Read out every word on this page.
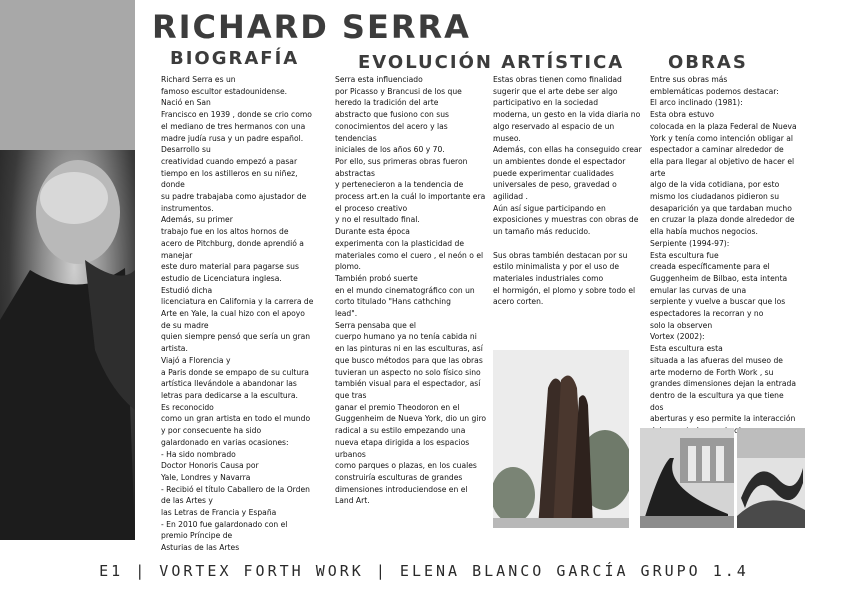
RICHARD SERRA
BIOGRAFÍA	EVOLUCIÓN ARTÍSTICA OBRAS
Richard Serra es un
famoso escultor estadounidense.
Nació en San
Francisco en 1939 , donde se crio como
el mediano de tres hermanos con una
madre judía rusa y un padre español.
Desarrollo su
creatividad cuando empezó a pasar
tiempo en los astilleros en su niñez,
donde
su padre trabajaba como ajustador de
instrumentos.
Además, su primer
trabajo fue en los altos hornos de
acero de Pitchburg, donde aprendió a
manejar
este duro material para pagarse sus
estudio de Licenciatura inglesa.
Estudió dicha
licenciatura en California y la carrera de
Arte en Yale, la cual hizo con el apoyo
de su madre
quien siempre pensó que sería un gran
artista.
Viajó a Florencia y
a Paris donde se empapo de su cultura
artística llevándole a abandonar las
letras para dedicarse a la escultura.
Es reconocido
como un gran artista en todo el mundo
y por consecuente ha sido
galardonado en varias ocasiones:
- Ha sido nombrado
Doctor Honoris Causa por
Yale, Londres y Navarra
- Recibió el título Caballero de la Orden
de las Artes y
las Letras de Francia y España
- En 2010 fue galardonado con el
premio Príncipe de
Asturias de las Artes
Serra esta influenciado
por Picasso y Brancusi de los que
heredo la tradición del arte
abstracto que fusiono con sus
conocimientos del acero y las
tendencias
iniciales de los años 60 y 70.
Por ello, sus primeras obras fueron
abstractas
y pertenecieron a la tendencia de
process art.en la cuál lo importante era
el proceso creativo
y no el resultado final.
Durante esta época
experimenta con la plasticidad de
materiales como el cuero , el neón o el
plomo.
También probó suerte
en el mundo cinematográfico con un
corto titulado "Hans cathching
lead".
Serra pensaba que el
cuerpo humano ya no tenía cabida ni
en las pinturas ni en las esculturas, así
que busco métodos para que las obras
tuvieran un aspecto no solo físico sino
también visual para el espectador, así
que tras
ganar el premio Theodoron en el
Guggenheim de Nueva York, dio un giro
radical a su estilo empezando una
nueva etapa dirigida a los espacios
urbanos
como parques o plazas, en los cuales
construiría esculturas de grandes
dimensiones introduciendose en el
Land Art.
Estas obras tienen como finalidad
sugerir que el arte debe ser algo
participativo en la sociedad
moderna, un gesto en la vida diaria no
algo reservado al espacio de un
museo.
Además, con ellas ha conseguido crear
un ambientes donde el espectador
puede experimentar cualidades
universales de peso, gravedad o
agilidad .
Aún así sigue participando en
exposiciones y muestras con obras de
un tamaño más reducido.

Sus obras también destacan por su
estilo minimalista y por el uso de
materiales industriales como
el hormigón, el plomo y sobre todo el
acero corten.
Entre sus obras más
emblemáticas podemos destacar:
El arco inclinado (1981):
Esta obra estuvo
colocada en la plaza Federal de Nueva
York y tenía como intención obligar al
espectador a caminar alrededor de
ella para llegar al objetivo de hacer el
arte
algo de la vida cotidiana, por esto
mismo los ciudadanos pidieron su
desaparición ya que tardaban mucho
en cruzar la plaza donde alrededor de
ella había muchos negocios.
Serpiente (1994-97):
Esta escultura fue
creada específicamente para el
Guggenheim de Bilbao, esta intenta
emular las curvas de una
serpiente y vuelve a buscar que los
espectadores la recorran y no
solo la observen
Vortex (2002):
Esta escultura esta
situada a las afueras del museo de
arte moderno de Forth Work , su
grandes dimensiones dejan la entrada
dentro de la escultura ya que tiene
dos
aberturas y eso permite la interacción

E1 | VORTEX FORTH WORK | ELENA BLANCO GARCÍA GRUPO 1.4
